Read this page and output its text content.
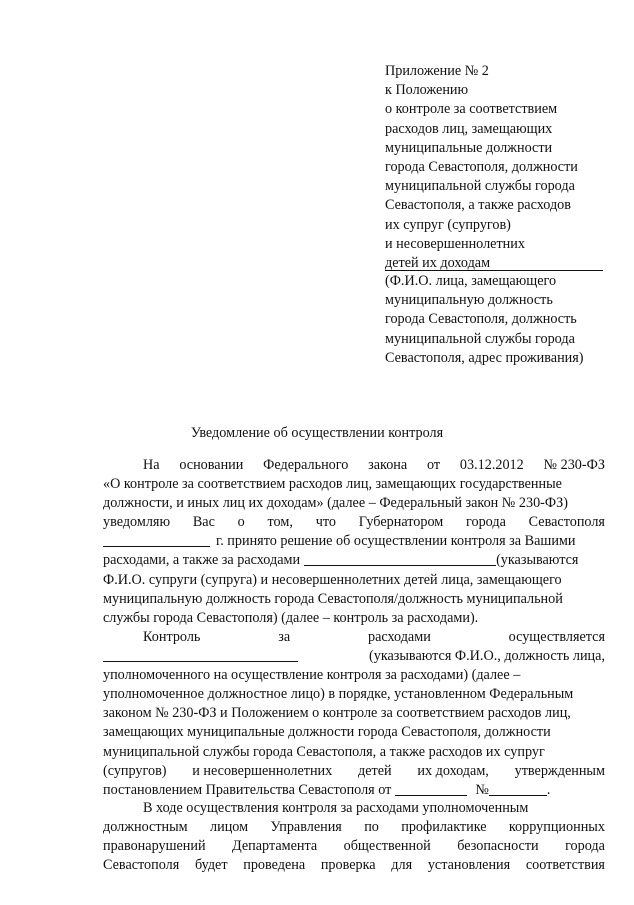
Приложение № 2
к Положению
о контроле за соответствием
расходов лиц, замещающих
муниципальные должности
города Севастополя, должности
муниципальной службы города
Севастополя, а также расходов
их супруг (супругов)
и несовершеннолетних
детей их доходам
(Ф.И.О. лица, замещающего
муниципальную должность
города Севастополя, должность
муниципальной службы города
Севастополя, адрес проживания)
Уведомление об осуществлении контроля
На основании Федерального закона от 03.12.2012 № 230-ФЗ
«О контроле за соответствием расходов лиц, замещающих государственные
должности, и иных лиц их доходам» (далее – Федеральный закон № 230-ФЗ)
уведомляю Вас о том, что Губернатором города Севастополя
г. принято решение об осуществлении контроля за Вашими
расходами, а также за расходами	(указываются
Ф.И.О. супруги (супруга) и несовершеннолетних детей лица, замещающего
муниципальную должность города Севастополя/должность муниципальной
службы города Севастополя) (далее – контроль за расходами).
Контроль	за	расходами	осуществляется
(указываются Ф.И.О., должность лица,
уполномоченного на осуществление контроля за расходами) (далее –
уполномоченное должностное лицо) в порядке, установленном Федеральным
законом № 230-ФЗ и Положением о контроле за соответствием расходов лиц,
замещающих муниципальные должности города Севастополя, должности
муниципальной службы города Севастополя, а также расходов их супруг
(супругов) и несовершеннолетних детей их доходам, утвержденным
постановлением Правительства Севастополя от	№	.
В ходе осуществления контроля за расходами уполномоченным
должностным лицом Управления по профилактике коррупционных
правонарушений Департамента общественной безопасности города
Севастополя будет проведена проверка для установления соответствия
